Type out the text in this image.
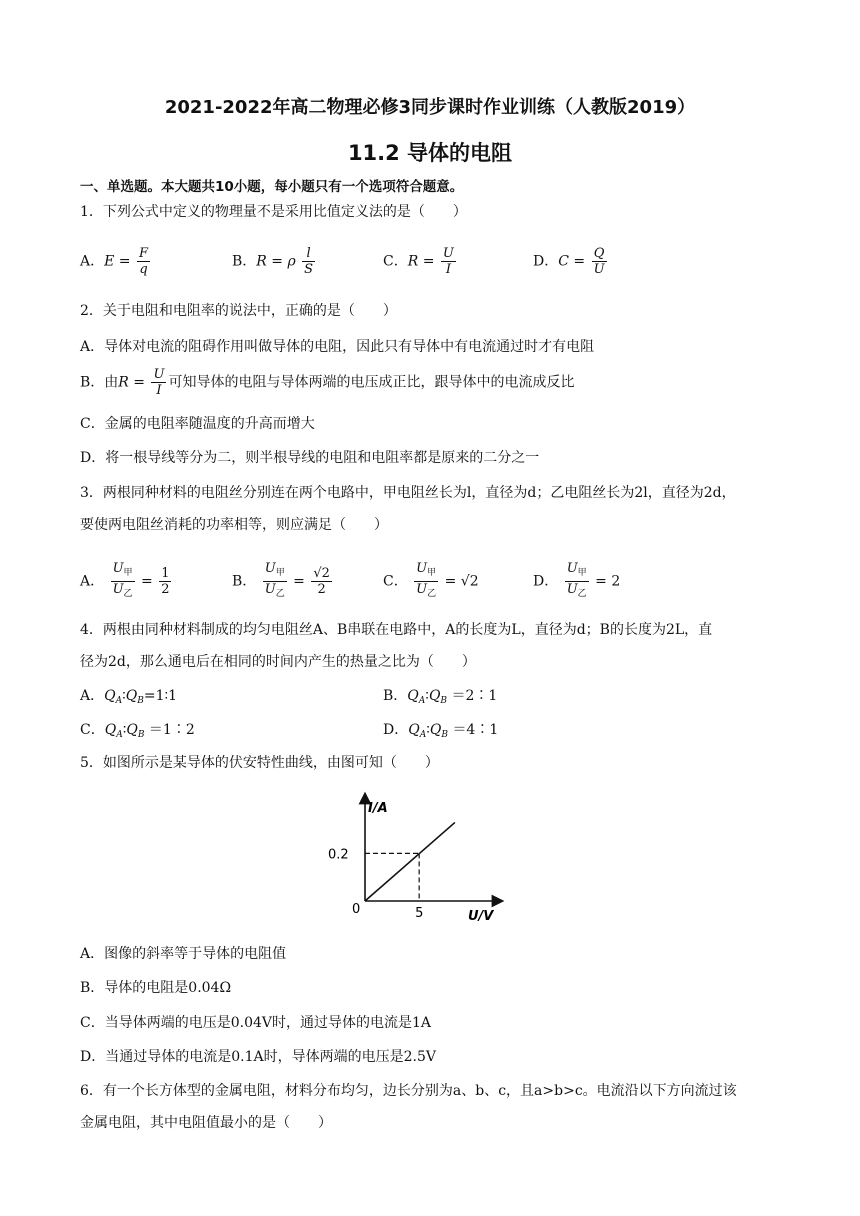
2021-2022年高二物理必修3同步课时作业训练（人教版2019）
11.2 导体的电阻
一、单选题。本大题共10小题，每小题只有一个选项符合题意。
1．下列公式中定义的物理量不是采用比值定义法的是（　　）
A．$E = \frac{F}{q}$	B．R = ρ $\frac{l}{S}$	C．$R = \frac{U}{I}$	D．$C = \frac{Q}{U}$
2．关于电阻和电阻率的说法中，正确的是（　　）
A．导体对电流的阻碍作用叫做导体的电阻，因此只有导体中有电流通过时才有电阻
B．由$R = \frac{U}{I}$ 可知导体的电阻与导体两端的电压成正比，跟导体中的电流成反比
C．金属的电阻率随温度的升高而增大
D．将一根导线等分为二，则半根导线的电阻和电阻率都是原来的二分之一
3．两根同种材料的电阻丝分别连在两个电路中，甲电阻丝长为l，直径为d；乙电阻丝长为2l，直径为2d，
要使两电阻丝消耗的功率相等，则应满足（　　）
A． $\frac{U_甲}{U_乙} = \frac{1}{2}$	B． $\frac{U_甲}{U_乙} = \frac{√2}{2}$	C． $\frac{U_甲}{U_乙} = √2$	D． $\frac{U_甲}{U_乙} = 2$
4．两根由同种材料制成的均匀电阻丝A、B串联在电路中，A的长度为L，直径为d；B的长度为2L，直
径为2d，那么通电后在相同的时间内产生的热量之比为（　　）
A．$Q_A∶Q_B=1∶1$	B．$Q_A∶Q_B$ ＝2∶1
C．$Q_A∶Q_B$ ＝1∶2	D．$Q_A∶Q_B$ ＝4∶1
5．如图所示是某导体的伏安特性曲线，由图可知（　　）
I/A
U/V
0
0.2
5
A．图像的斜率等于导体的电阻值
B．导体的电阻是0.04Ω
C．当导体两端的电压是0.04V时，通过导体的电流是1A
D．当通过导体的电流是0.1A时，导体两端的电压是2.5V
6．有一个长方体型的金属电阻，材料分布均匀，边长分别为a、b、c，且a>b>c。电流沿以下方向流过该
金属电阻，其中电阻值最小的是（　　）
